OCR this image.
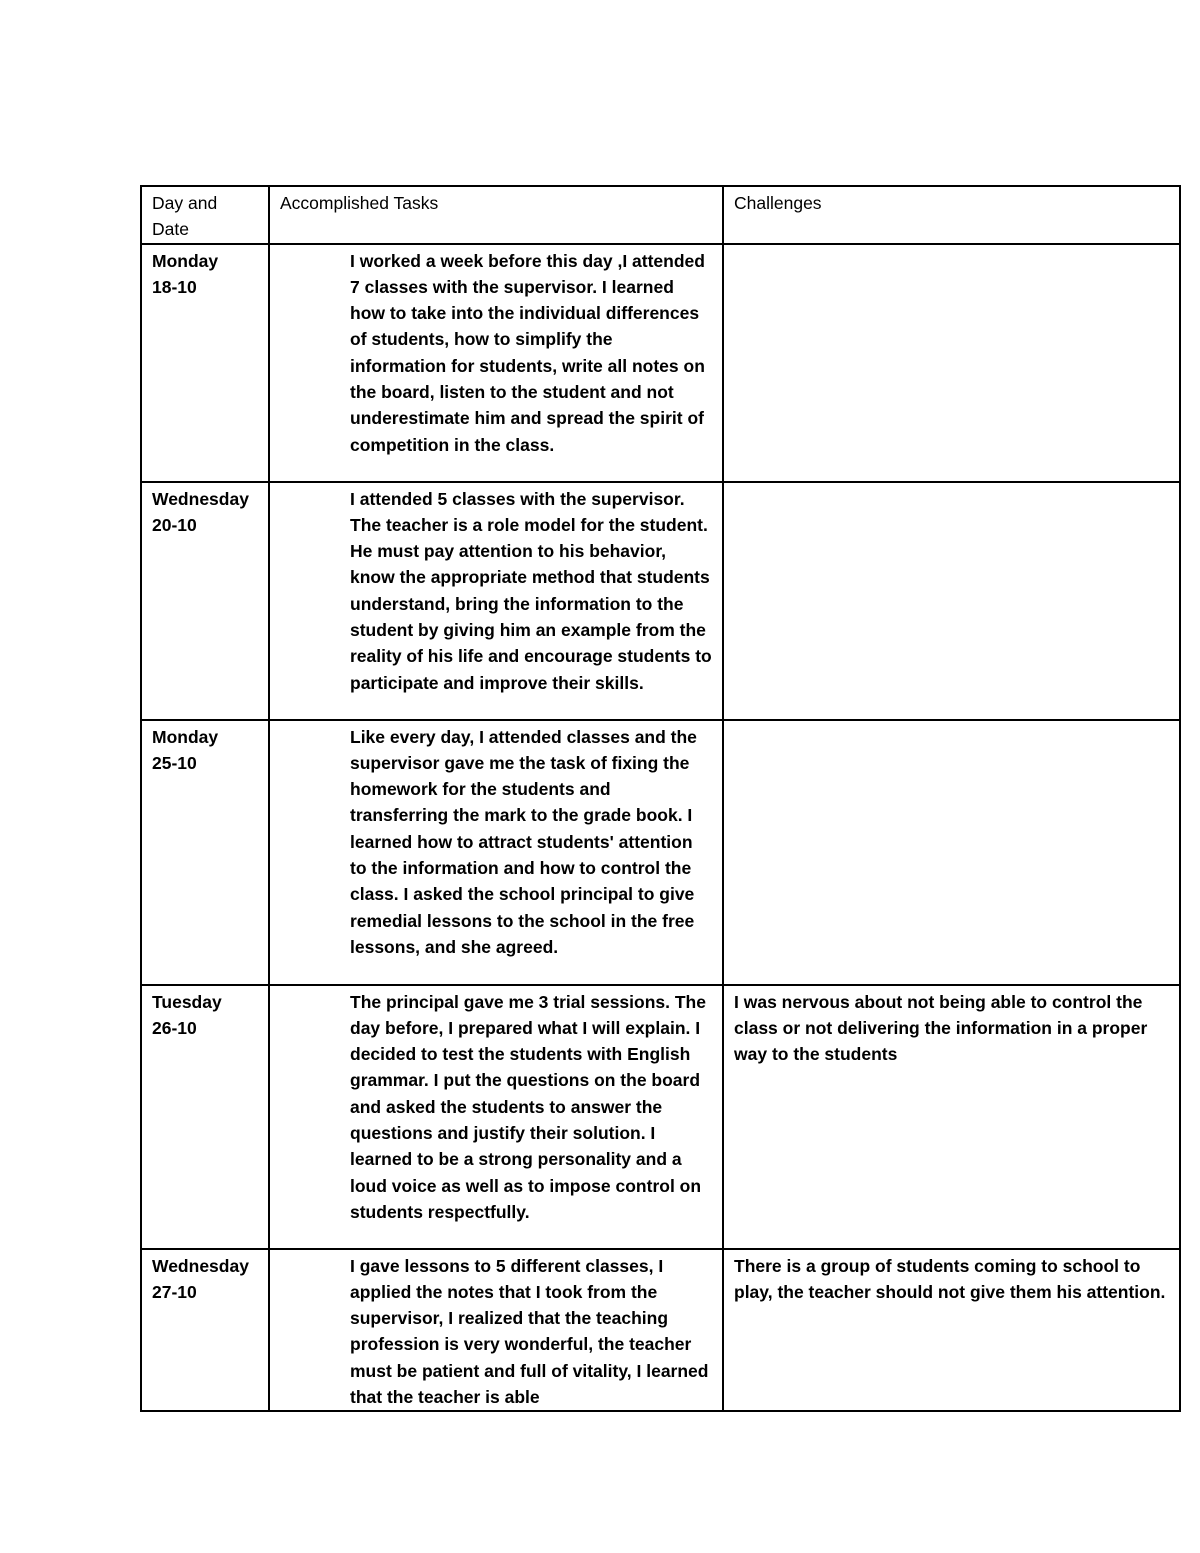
Day and Date	Accomplished Tasks	Challenges

Monday
18-10	I worked a week before this day ,I attended 7 classes with the supervisor. I learned how to take into the individual differences of students, how to simplify the information for students, write all notes on the board, listen to the student and not underestimate him and spread the spirit of competition in the class.	

Wednesday
20-10	I attended 5 classes with the supervisor. The teacher is a role model for the student. He must pay attention to his behavior, know the appropriate method that students understand, bring the information to the student by giving him an example from the reality of his life and encourage students to participate and improve their skills.	

Monday
25-10	Like every day, I attended classes and the supervisor gave me the task of fixing the homework for the students and transferring the mark to the grade book. I learned how to attract students' attention to the information and how to control the class. I asked the school principal to give remedial lessons to the school in the free lessons, and she agreed.	

Tuesday
26-10	The principal gave me 3 trial sessions. The day before, I prepared what I will explain. I decided to test the students with English grammar. I put the questions on the board and asked the students to answer the questions and justify their solution. I learned to be a strong personality and a loud voice as well as to impose control on students respectfully.	I was nervous about not being able to control the class or not delivering the information in a proper way to the students

Wednesday
27-10	I gave lessons to 5 different classes, I applied the notes that I took from the supervisor, I realized that the teaching profession is very wonderful, the teacher must be patient and full of vitality, I learned that the teacher is able	There is a group of students coming to school to play, the teacher should not give them his attention.
